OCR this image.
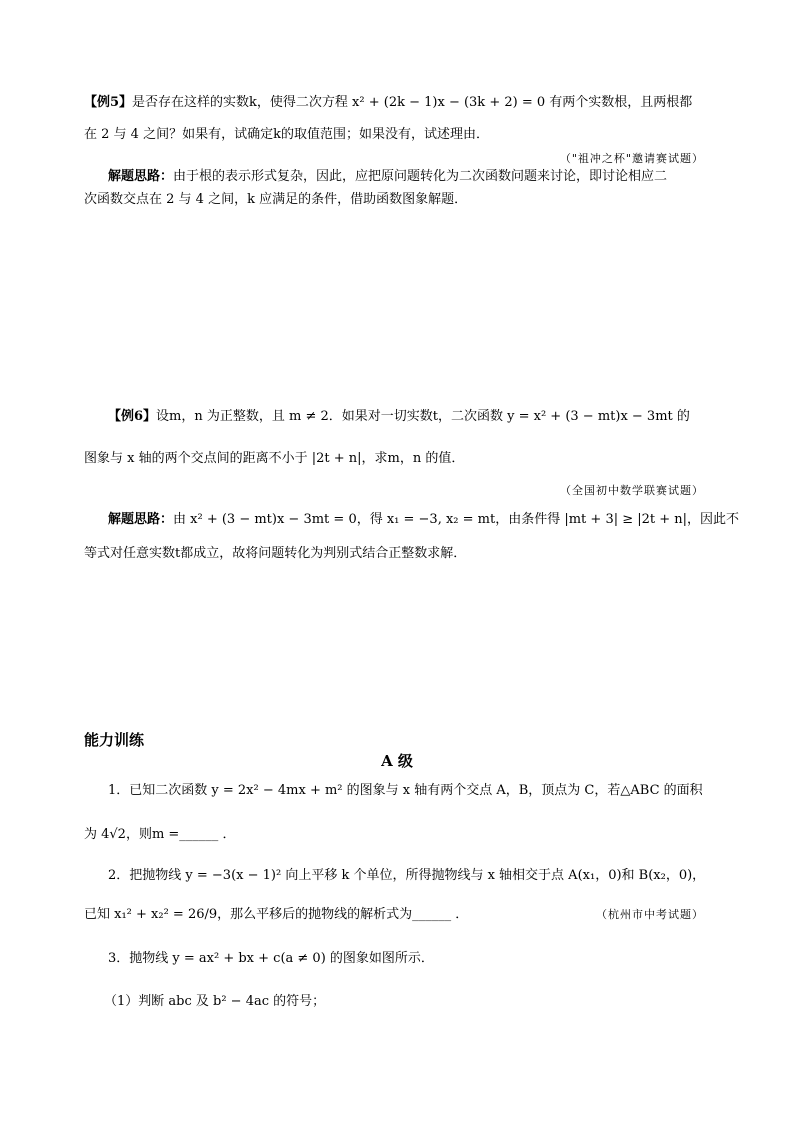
【例5】是否存在这样的实数k，使得二次方程 x² + (2k − 1)x − (3k + 2) = 0 有两个实数根，且两根都
在 2 与 4 之间？如果有，试确定k的取值范围；如果没有，试述理由．
（"祖冲之杯"邀请赛试题）
解题思路：由于根的表示形式复杂，因此，应把原问题转化为二次函数问题来讨论，即讨论相应二
次函数交点在 2 与 4 之间，k 应满足的条件，借助函数图象解题．
【例6】设m，n 为正整数，且 m ≠ 2．如果对一切实数t，二次函数 y = x² + (3 − mt)x − 3mt 的
图象与 x 轴的两个交点间的距离不小于 |2t + n|，求m，n 的值．
（全国初中数学联赛试题）
解题思路：由 x² + (3 − mt)x − 3mt = 0，得 x₁ = −3, x₂ = mt，由条件得 |mt + 3| ≥ |2t + n|，因此不
等式对任意实数t都成立，故将问题转化为判别式结合正整数求解．
能力训练
A 级
1．已知二次函数 y = 2x² − 4mx + m² 的图象与 x 轴有两个交点 A，B，顶点为 C，若△ABC 的面积
为 4√2，则m =______ ．
2．把抛物线 y = −3(x − 1)² 向上平移 k 个单位，所得抛物线与 x 轴相交于点 A(x₁，0)和 B(x₂，0)，
已知 x₁² + x₂² = 26/9，那么平移后的抛物线的解析式为______ ．	（杭州市中考试题）
3．抛物线 y = ax² + bx + c(a ≠ 0) 的图象如图所示．
（1）判断 abc 及 b² − 4ac 的符号；
